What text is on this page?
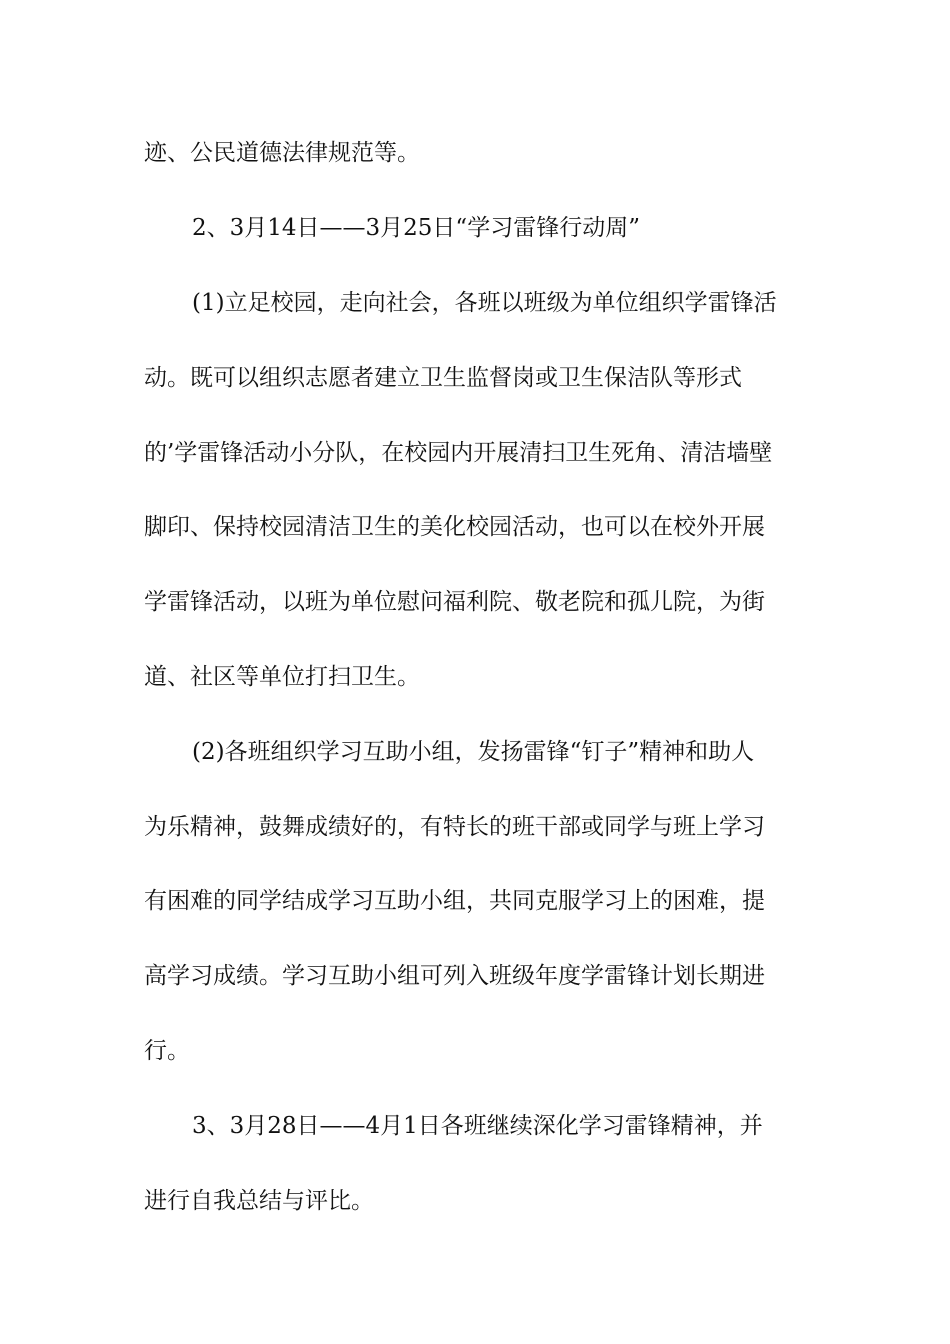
迹、公民道德法律规范等。

2、3月14日——3月25日“学习雷锋行动周”

(1)立足校园，走向社会，各班以班级为单位组织学雷锋活

动。既可以组织志愿者建立卫生监督岗或卫生保洁队等形式

的’学雷锋活动小分队，在校园内开展清扫卫生死角、清洁墙壁

脚印、保持校园清洁卫生的美化校园活动，也可以在校外开展

学雷锋活动，以班为单位慰问福利院、敬老院和孤儿院，为街

道、社区等单位打扫卫生。

(2)各班组织学习互助小组，发扬雷锋“钉子”精神和助人

为乐精神，鼓舞成绩好的，有特长的班干部或同学与班上学习

有困难的同学结成学习互助小组，共同克服学习上的困难，提

高学习成绩。学习互助小组可列入班级年度学雷锋计划长期进

行。

3、3月28日——4月1日各班继续深化学习雷锋精神，并

进行自我总结与评比。
